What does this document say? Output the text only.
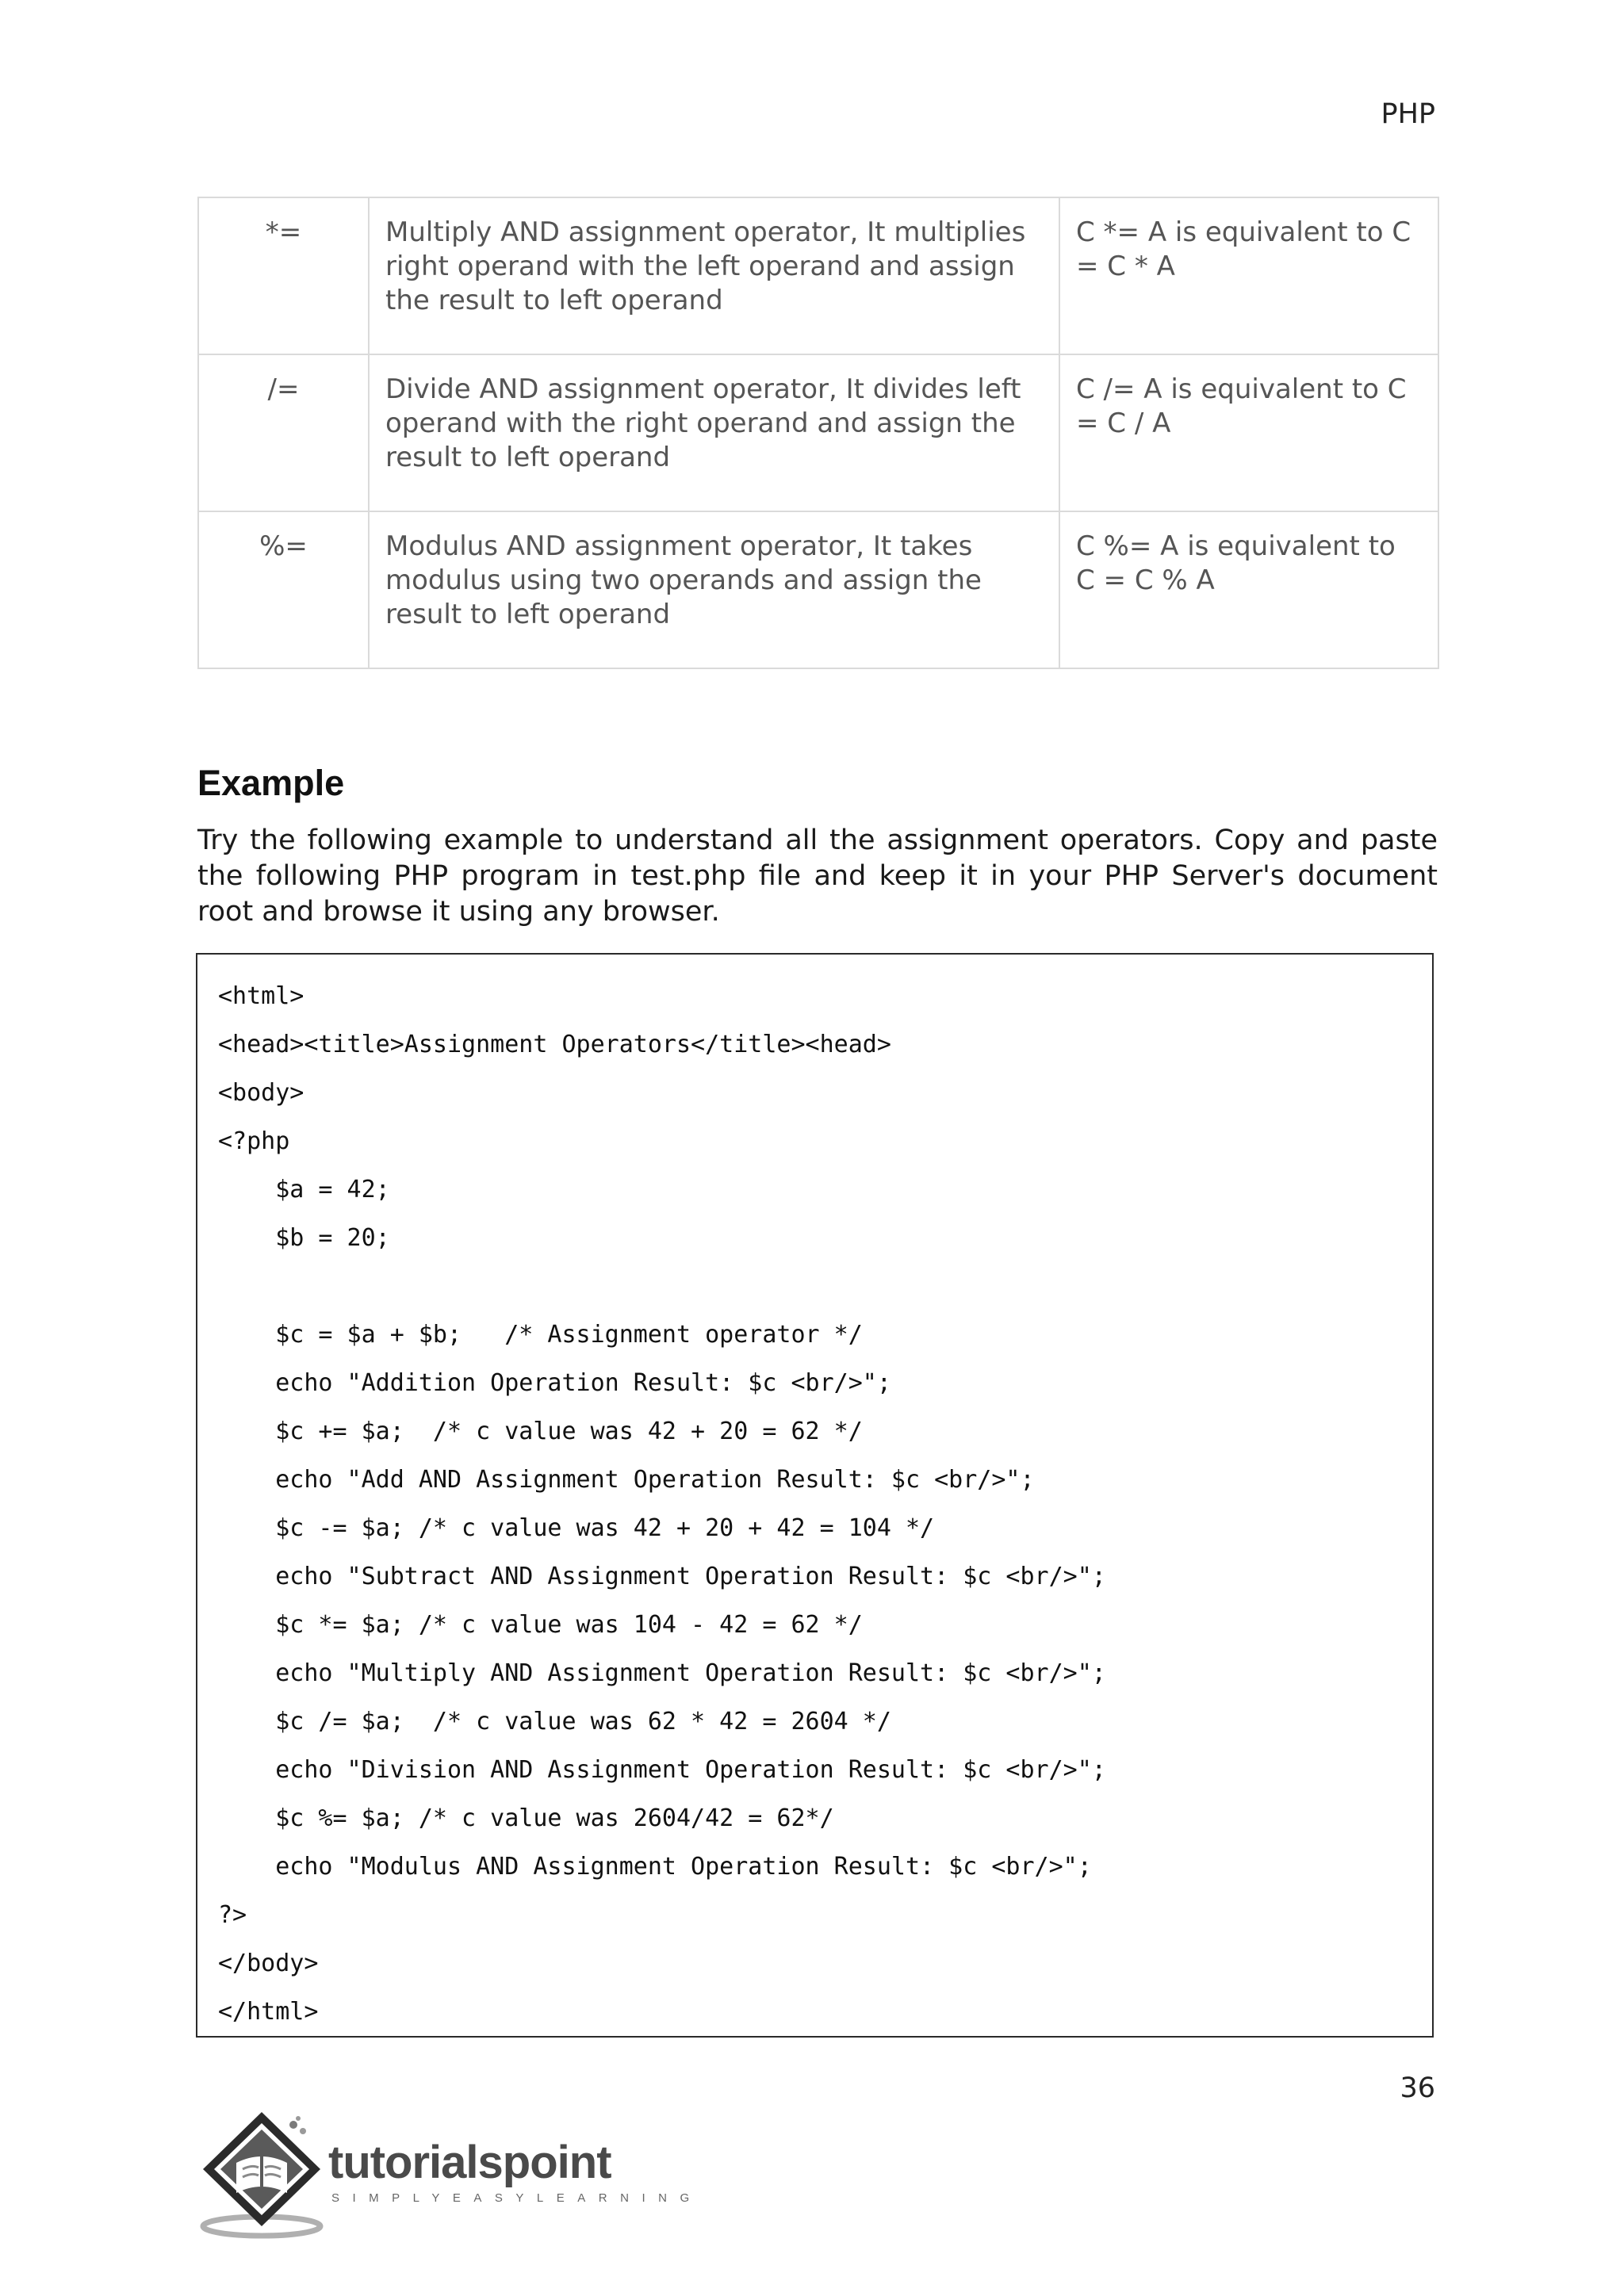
PHP
*=	Multiply AND assignment operator, It multiplies right operand with the left operand and assign the result to left operand	C *= A is equivalent to C = C * A
/=	Divide AND assignment operator, It divides left operand with the right operand and assign the result to left operand	C /= A is equivalent to C = C / A
%=	Modulus AND assignment operator, It takes modulus using two operands and assign the result to left operand	C %= A is equivalent to C = C % A
Example

Try the following example to understand all the assignment operators. Copy and paste the following PHP program in test.php file and keep it in your PHP Server's document root and browse it using any browser.

<html>
<head><title>Assignment Operators</title><head>
<body>
<?php
$a = 42;
$b = 20;
$c = $a + $b;   /* Assignment operator */
echo "Addition Operation Result: $c <br/>";
$c += $a;  /* c value was 42 + 20 = 62 */
echo "Add AND Assignment Operation Result: $c <br/>";
$c -= $a; /* c value was 42 + 20 + 42 = 104 */
echo "Subtract AND Assignment Operation Result: $c <br/>";
$c *= $a; /* c value was 104 - 42 = 62 */
echo "Multiply AND Assignment Operation Result: $c <br/>";
$c /= $a;  /* c value was 62 * 42 = 2604 */
echo "Division AND Assignment Operation Result: $c <br/>";
$c %= $a; /* c value was 2604/42 = 62*/
echo "Modulus AND Assignment Operation Result: $c <br/>";
?>
</body>
</html>
36
tutorialspoint
SIMPLYEASYLEARNING
